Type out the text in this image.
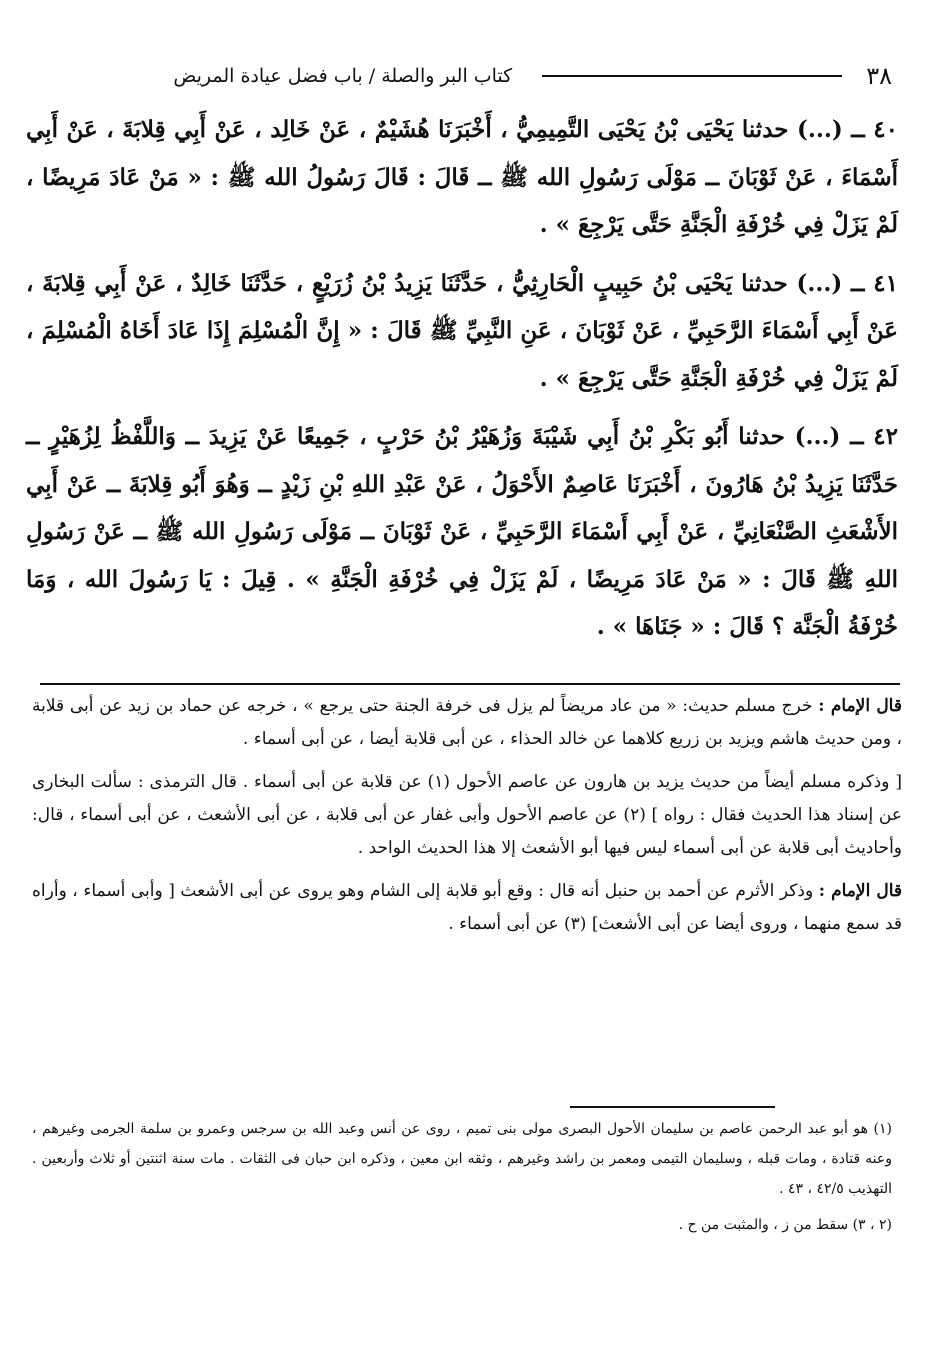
٣٨
كتاب البر والصلة / باب فضل عيادة المريض

٤٠ ــ (...) حدثنا يَحْيَى بْنُ يَحْيَى التَّمِيمِيُّ ، أَخْبَرَنَا هُشَيْمٌ ، عَنْ خَالِد ، عَنْ أَبِي قِلابَةَ ، عَنْ أَبِي أَسْمَاءَ ، عَنْ ثَوْبَانَ ــ مَوْلَى رَسُولِ الله ﷺ ــ قَالَ : قَالَ رَسُولُ الله ﷺ : « مَنْ عَادَ مَرِيضًا ، لَمْ يَزَلْ فِي خُرْفَةِ الْجَنَّةِ حَتَّى يَرْجِعَ » .

٤١ ــ (...) حدثنا يَحْيَى بْنُ حَبِيبٍ الْحَارِثِيُّ ، حَدَّثَنَا يَزِيدُ بْنُ زُرَيْعٍ ، حَدَّثَنَا خَالِدٌ ، عَنْ أَبِي قِلابَةَ ، عَنْ أَبِي أَسْمَاءَ الرَّحَبِيِّ ، عَنْ ثَوْبَانَ ، عَنِ النَّبِيِّ ﷺ قَالَ : « إِنَّ الْمُسْلِمَ إِذَا عَادَ أَخَاهُ الْمُسْلِمَ ، لَمْ يَزَلْ فِي خُرْفَةِ الْجَنَّةِ حَتَّى يَرْجِعَ » .

٤٢ ــ (...) حدثنا أَبُو بَكْرِ بْنُ أَبِي شَيْبَةَ وَزُهَيْرُ بْنُ حَرْبٍ ، جَمِيعًا عَنْ يَزِيدَ ــ وَاللَّفْظُ لِزُهَيْرٍ ــ حَدَّثَنَا يَزِيدُ بْنُ هَارُونَ ، أَخْبَرَنَا عَاصِمٌ الأَحْوَلُ ، عَنْ عَبْدِ اللهِ بْنِ زَيْدٍ ــ وَهُوَ أَبُو قِلابَةَ ــ عَنْ أَبِي الأَشْعَثِ الصَّنْعَانِيِّ ، عَنْ أَبِي أَسْمَاءَ الرَّحَبِيِّ ، عَنْ ثَوْبَانَ ــ مَوْلَى رَسُولِ الله ﷺ ــ عَنْ رَسُولِ اللهِ ﷺ قَالَ : « مَنْ عَادَ مَرِيضًا ، لَمْ يَزَلْ فِي خُرْفَةِ الْجَنَّةِ » . قِيلَ : يَا رَسُولَ الله ، وَمَا خُرْفَةُ الْجَنَّة ؟ قَالَ : « جَنَاهَا » .

قال الإمام : خرج مسلم حديث: « من عاد مريضاً لم يزل فى خرفة الجنة حتى يرجع » ، خرجه عن حماد بن زيد عن أبى قلابة ، ومن حديث هاشم ويزيد بن زريع كلاهما عن خالد الحذاء ، عن أبى قلابة أيضا ، عن أبى أسماء .

[ وذكره مسلم أيضاً من حديث يزيد بن هارون عن عاصم الأحول (١) عن قلابة عن أبى أسماء . قال الترمذى : سألت البخارى عن إسناد هذا الحديث فقال : رواه ] (٢) عن عاصم الأحول وأبى غفار عن أبى قلابة ، عن أبى الأشعث ، عن أبى أسماء ، قال: وأحاديث أبى قلابة عن أبى أسماء ليس فيها أبو الأشعث إلا هذا الحديث الواحد .

قال الإمام : وذكر الأثرم عن أحمد بن حنبل أنه قال : وقع أبو قلابة إلى الشام وهو يروى عن أبى الأشعث [ وأبى أسماء ، وأراه قد سمع منهما ، وروى أيضا عن أبى الأشعث] (٣) عن أبى أسماء .

(١) هو أبو عبد الرحمن عاصم بن سليمان الأحول البصرى مولى بنى تميم ، روى عن أنس وعبد الله بن سرجس وعمرو بن سلمة الجرمى وغيرهم ، وعنه قتادة ، ومات قبله ، وسليمان التيمى ومعمر بن راشد وغيرهم ، وثقه ابن معين ، وذكره ابن حبان فى الثقات . مات سنة اثنتين أو ثلاث وأربعين . التهذيب ٤٢/٥ ، ٤٣ .

(٢ ، ٣) سقط من ز ، والمثبت من ح .
